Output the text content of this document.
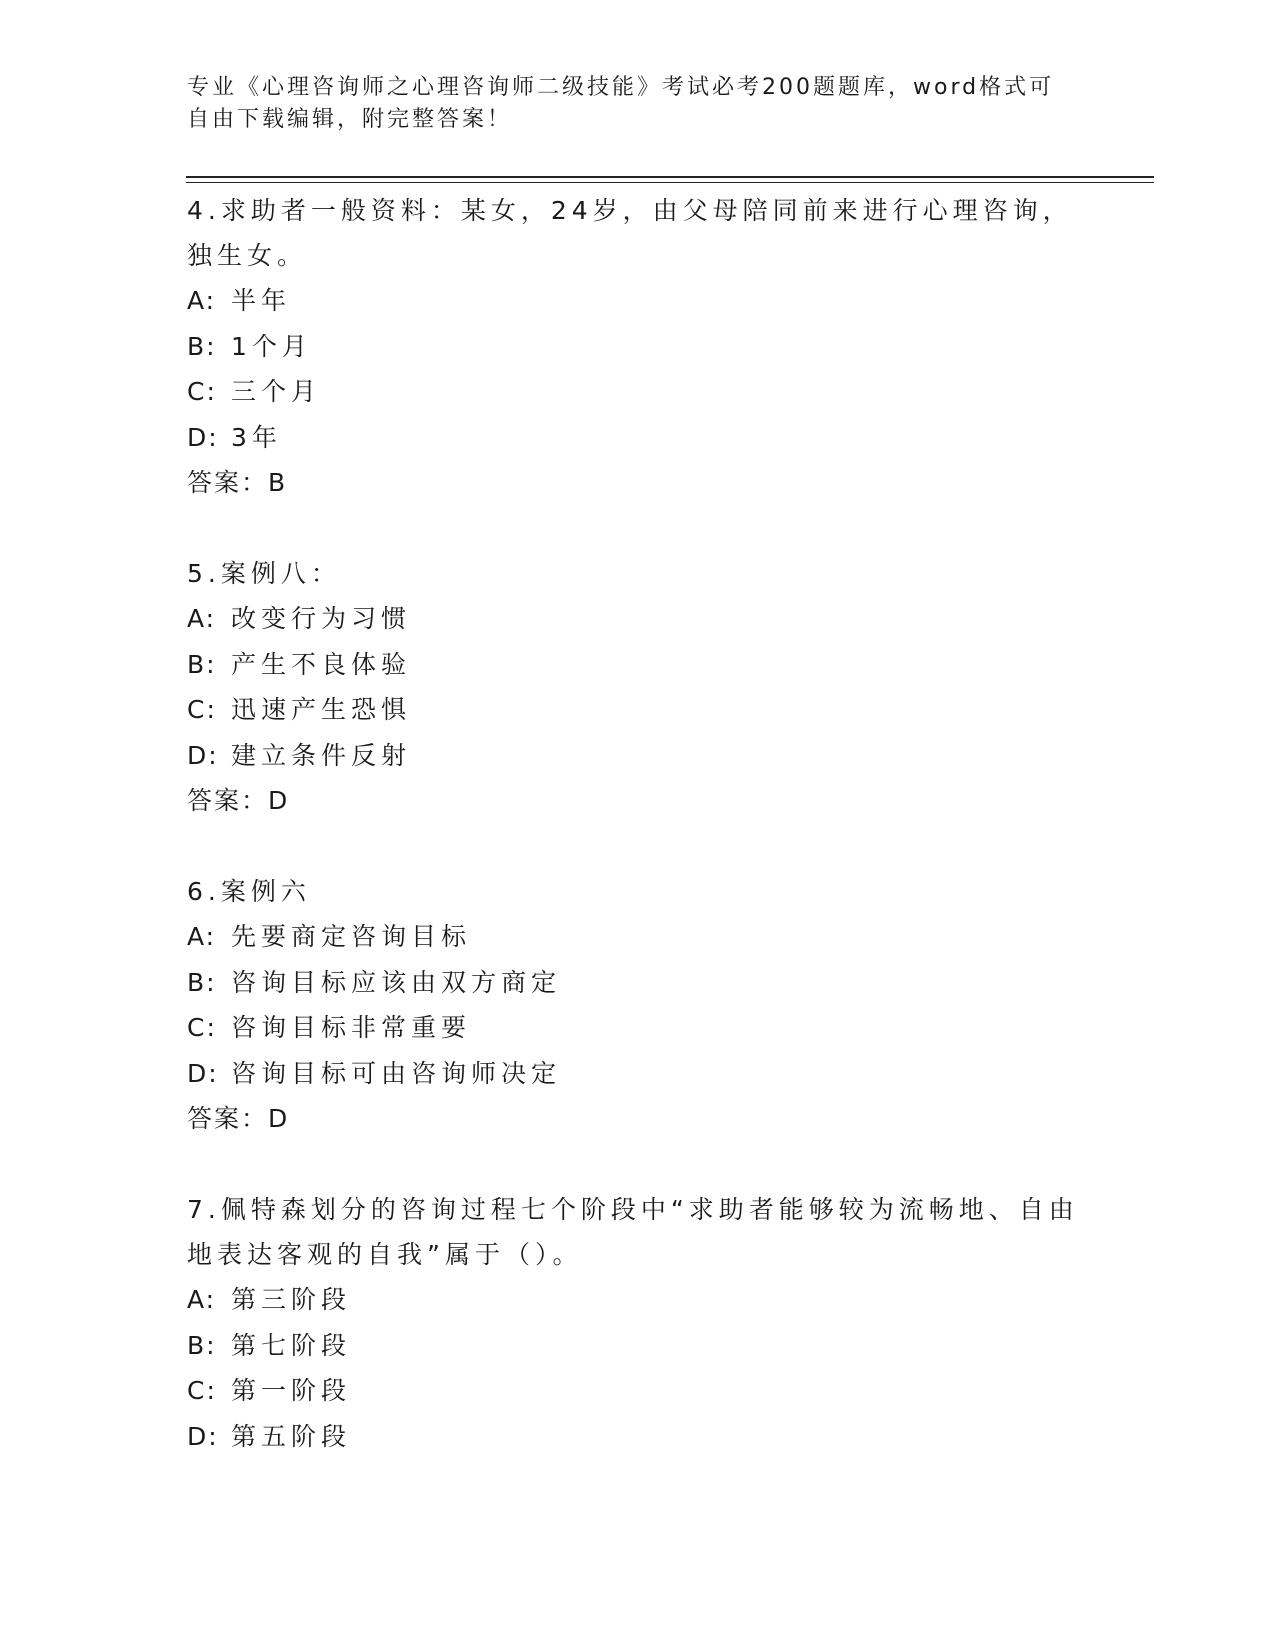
专业《心理咨询师之心理咨询师二级技能》考试必考200题题库，word格式可自由下载编辑，附完整答案！

4.求助者一般资料：某女，24岁，由父母陪同前来进行心理咨询，独生女。

A: 半年

B: 1个月

C: 三个月

D: 3年

答案：B

5.案例八：

A: 改变行为习惯

B: 产生不良体验

C: 迅速产生恐惧

D: 建立条件反射

答案：D

6.案例六

A: 先要商定咨询目标

B: 咨询目标应该由双方商定

C: 咨询目标非常重要

D: 咨询目标可由咨询师决定

答案：D

7.佩特森划分的咨询过程七个阶段中“求助者能够较为流畅地、自由地表达客观的自我”属于（）。

A: 第三阶段

B: 第七阶段

C: 第一阶段

D: 第五阶段
